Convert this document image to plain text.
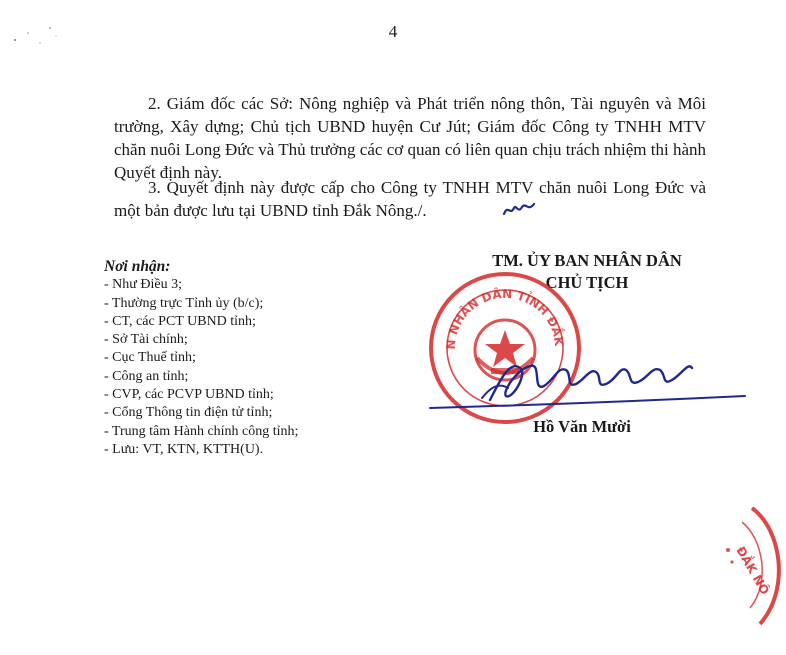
4
2. Giám đốc các Sở: Nông nghiệp và Phát triển nông thôn, Tài nguyên và Môi trường, Xây dựng; Chủ tịch UBND huyện Cư Jút; Giám đốc Công ty TNHH MTV chăn nuôi Long Đức và Thủ trưởng các cơ quan có liên quan chịu trách nhiệm thi hành Quyết định này.
3. Quyết định này được cấp cho Công ty TNHH MTV chăn nuôi Long Đức và một bản được lưu tại UBND tỉnh Đắk Nông./.
Nơi nhận:
- Như Điều 3;
- Thường trực Tỉnh ủy (b/c);
- CT, các PCT UBND tỉnh;
- Sở Tài chính;
- Cục Thuế tỉnh;
- Công an tỉnh;
- CVP, các PCVP UBND tỉnh;
- Cổng Thông tin điện tử tỉnh;
- Trung tâm Hành chính công tỉnh;
- Lưu: VT, KTN, KTTH(U).
TM. ỦY BAN NHÂN DÂN
CHỦ TỊCH
N NHÂN DÂN TỈNH ĐẮK
Hồ Văn Mười
ĐẮK NÔ
